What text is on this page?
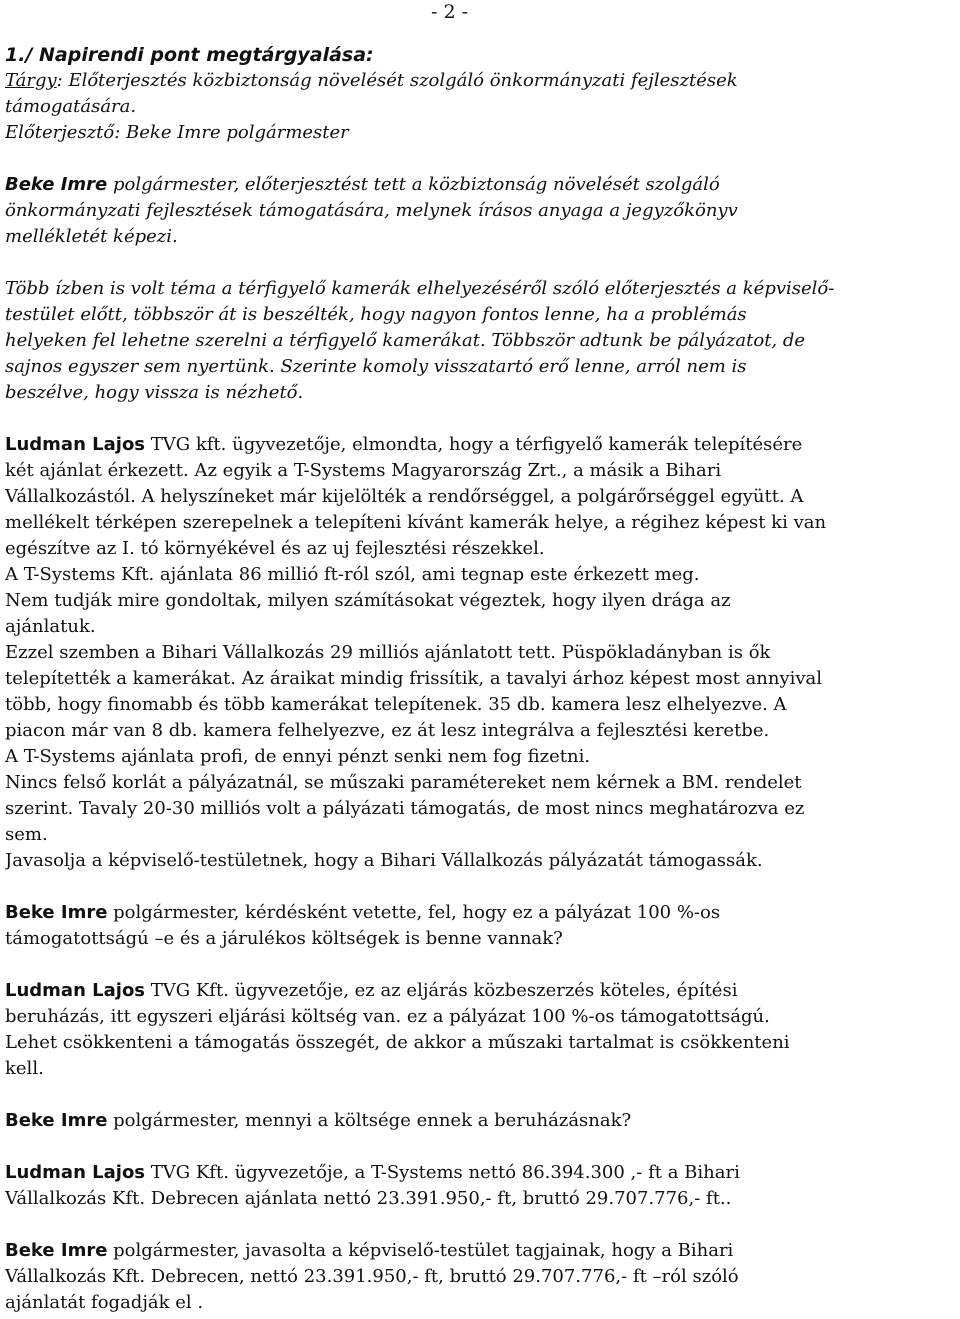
- 2 -
1./ Napirendi pont megtárgyalása:
Tárgy: Előterjesztés közbiztonság növelését szolgáló önkormányzati fejlesztések
támogatására.
Előterjesztő: Beke Imre polgármester
Beke Imre polgármester, előterjesztést tett a közbiztonság növelését szolgáló
önkormányzati fejlesztések támogatására, melynek írásos anyaga a jegyzőkönyv
mellékletét képezi.
Több ízben is volt téma a térfigyelő kamerák elhelyezéséről szóló előterjesztés a képviselő-
testület előtt, többször át is beszélték, hogy nagyon fontos lenne, ha a problémás
helyeken fel lehetne szerelni a térfigyelő kamerákat. Többször adtunk be pályázatot, de
sajnos egyszer sem nyertünk. Szerinte komoly visszatartó erő lenne, arról nem is
beszélve, hogy vissza is nézhető.
Ludman Lajos TVG kft. ügyvezetője, elmondta, hogy a térfigyelő kamerák telepítésére
két ajánlat érkezett. Az egyik a T-Systems Magyarország Zrt., a másik a Bihari
Vállalkozástól. A helyszíneket már kijelölték a rendőrséggel, a polgárőrséggel együtt. A
mellékelt térképen szerepelnek a telepíteni kívánt kamerák helye, a régihez képest ki van
egészítve az I. tó környékével és az uj fejlesztési részekkel.
A T-Systems Kft. ajánlata 86 millió ft-ról szól, ami tegnap este érkezett meg.
Nem tudják mire gondoltak, milyen számításokat végeztek, hogy ilyen drága az
ajánlatuk.
Ezzel szemben a Bihari Vállalkozás 29 milliós ajánlatott tett. Püspökladányban is ők
telepítették a kamerákat. Az áraikat mindig frissítik, a tavalyi árhoz képest most annyival
több, hogy finomabb és több kamerákat telepítenek. 35 db. kamera lesz elhelyezve. A
piacon már van 8 db. kamera felhelyezve, ez át lesz integrálva a fejlesztési keretbe.
A T-Systems ajánlata profi, de ennyi pénzt senki nem fog fizetni.
Nincs felső korlát a pályázatnál, se műszaki paramétereket nem kérnek a BM. rendelet
szerint. Tavaly 20-30 milliós volt a pályázati támogatás, de most nincs meghatározva ez
sem.
Javasolja a képviselő-testületnek, hogy a Bihari Vállalkozás pályázatát támogassák.
Beke Imre polgármester, kérdésként vetette, fel, hogy ez a pályázat 100 %-os
támogatottságú –e és a járulékos költségek is benne vannak?
Ludman Lajos TVG Kft. ügyvezetője, ez az eljárás közbeszerzés köteles, építési
beruházás, itt egyszeri eljárási költség van. ez a pályázat 100 %-os támogatottságú.
Lehet csökkenteni a támogatás összegét, de akkor a műszaki tartalmat is csökkenteni
kell.
Beke Imre polgármester, mennyi a költsége ennek a beruházásnak?
Ludman Lajos TVG Kft. ügyvezetője, a T-Systems nettó 86.394.300 ,- ft a Bihari
Vállalkozás Kft. Debrecen ajánlata nettó 23.391.950,- ft, bruttó 29.707.776,- ft..
Beke Imre polgármester, javasolta a képviselő-testület tagjainak, hogy a Bihari
Vállalkozás Kft. Debrecen, nettó 23.391.950,- ft, bruttó 29.707.776,- ft –ról szóló
ajánlatát fogadják el .
